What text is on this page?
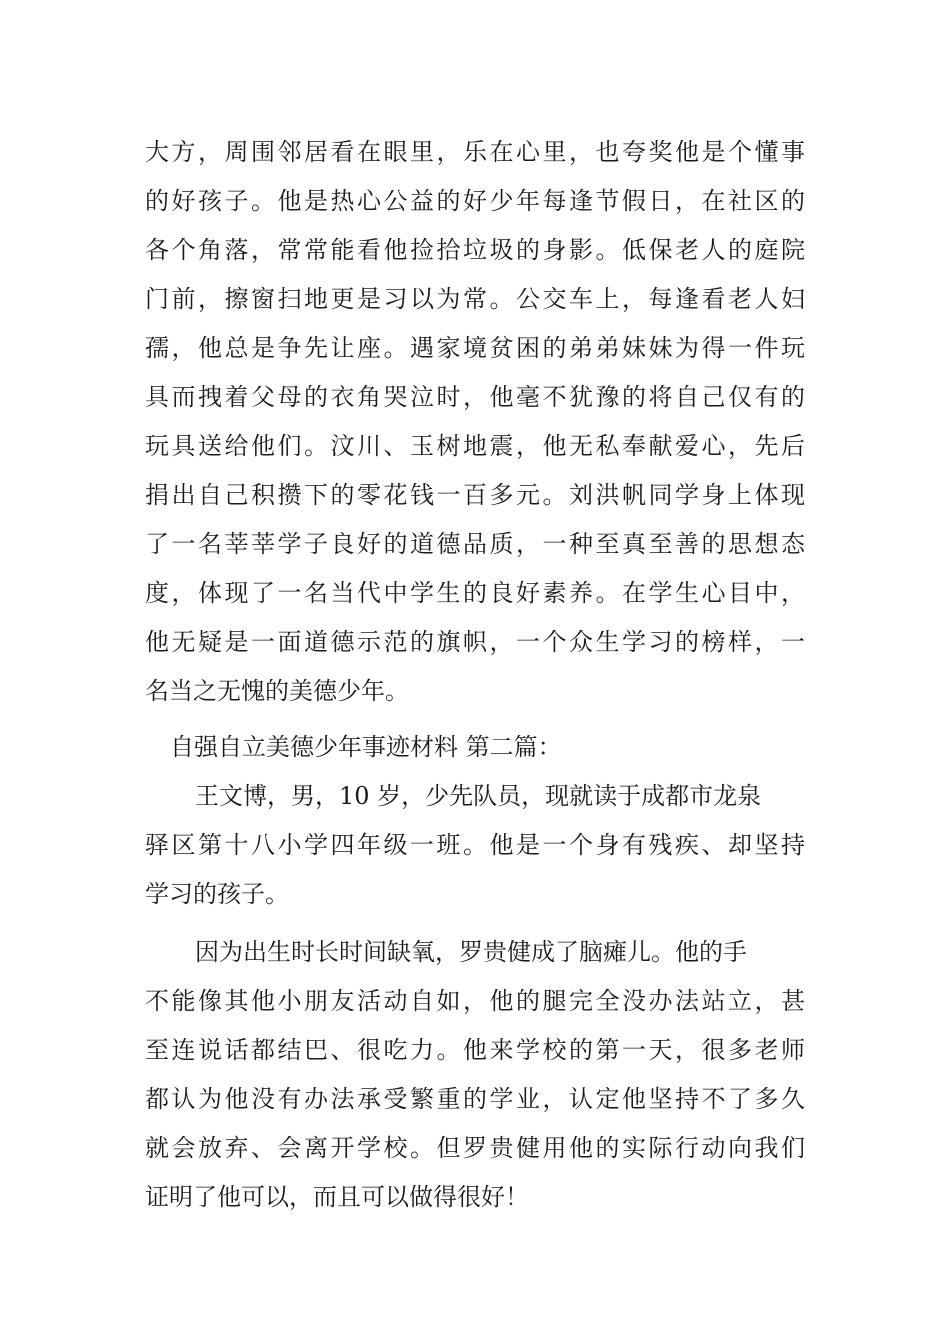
大方，周围邻居看在眼里，乐在心里，也夸奖他是个懂事
的好孩子。他是热心公益的好少年每逢节假日，在社区的
各个角落，常常能看他捡拾垃圾的身影。低保老人的庭院
门前，擦窗扫地更是习以为常。公交车上，每逢看老人妇
孺，他总是争先让座。遇家境贫困的弟弟妹妹为得一件玩
具而拽着父母的衣角哭泣时，他毫不犹豫的将自己仅有的
玩具送给他们。汶川、玉树地震，他无私奉献爱心，先后
捐出自己积攒下的零花钱一百多元。刘洪帆同学身上体现
了一名莘莘学子良好的道德品质，一种至真至善的思想态
度，体现了一名当代中学生的良好素养。在学生心目中，
他无疑是一面道德示范的旗帜，一个众生学习的榜样，一
名当之无愧的美德少年。
自强自立美德少年事迹材料 第二篇：
王文博，男，10 岁，少先队员，现就读于成都市龙泉
驿区第十八小学四年级一班。他是一个身有残疾、却坚持
学习的孩子。
因为出生时长时间缺氧，罗贵健成了脑瘫儿。他的手
不能像其他小朋友活动自如，他的腿完全没办法站立，甚
至连说话都结巴、很吃力。他来学校的第一天，很多老师
都认为他没有办法承受繁重的学业，认定他坚持不了多久
就会放弃、会离开学校。但罗贵健用他的实际行动向我们
证明了他可以，而且可以做得很好！
